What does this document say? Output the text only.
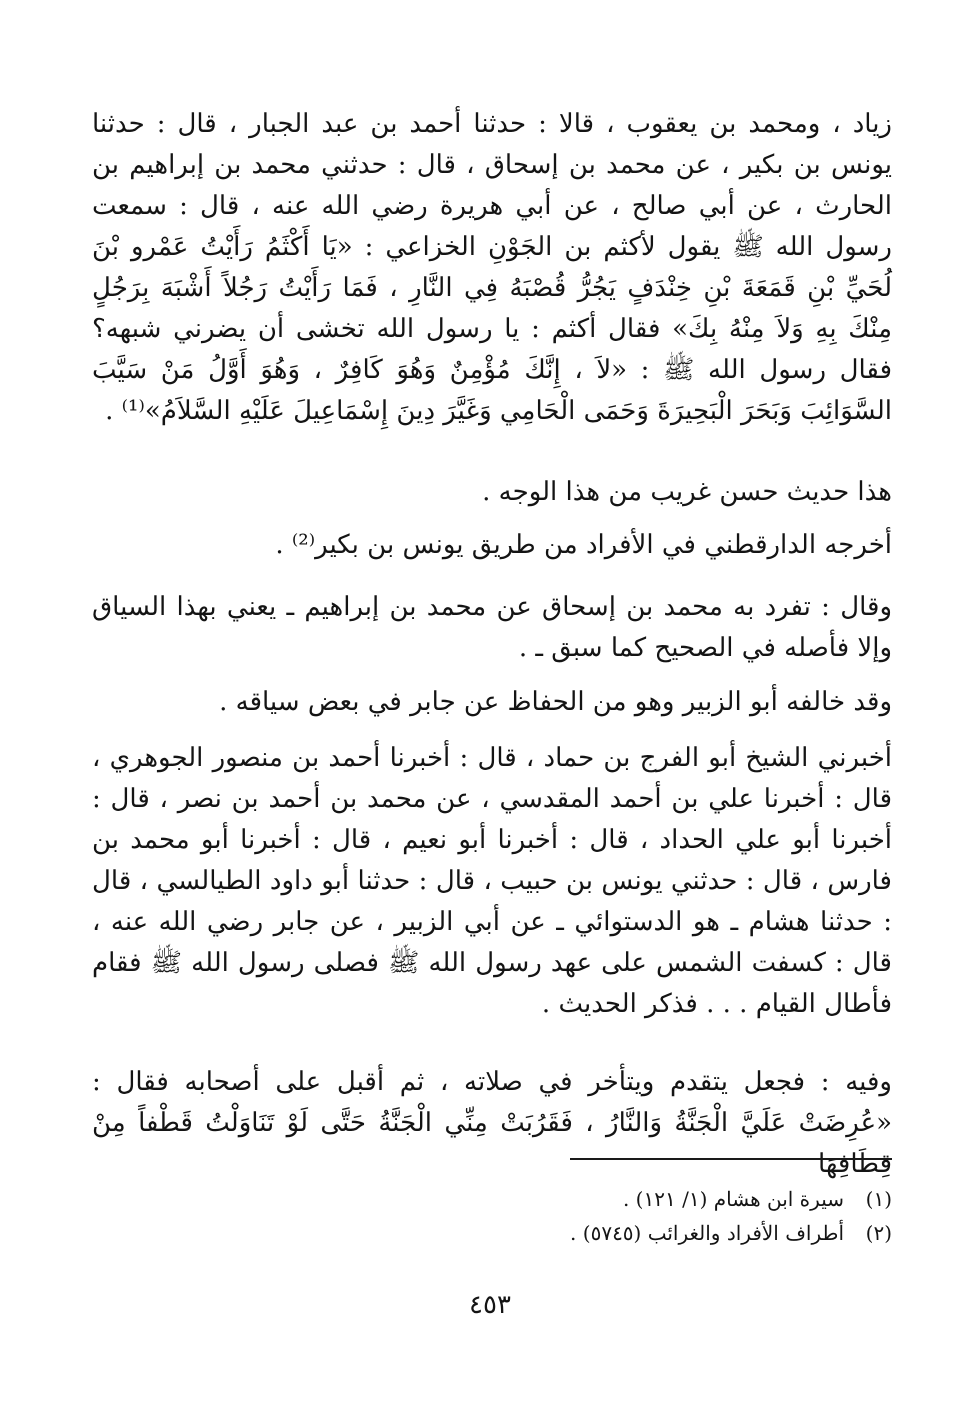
زياد ، ومحمد بن يعقوب ، قالا : حدثنا أحمد بن عبد الجبار ، قال : حدثنا يونس بن بكير ، عن محمد بن إسحاق ، قال : حدثني محمد بن إبراهيم بن الحارث ، عن أبي صالح ، عن أبي هريرة رضي الله عنه ، قال : سمعت رسول الله ﷺ يقول لأكثم بن الجَوْنِ الخزاعي : «يَا أَكْثَمُ رَأَيْتُ عَمْرو بْنَ لُحَيِّ بْنِ قَمَعَةَ بْنِ خِنْدَفٍ يَجُرُّ قُصْبَهُ فِي النَّارِ ، فَمَا رَأَيْتُ رَجُلاً أَشْبَهَ بِرَجُلٍ مِنْكَ بِهِ وَلاَ مِنْهُ بِكَ» فقال أكثم : يا رسول الله تخشى أن يضرني شبهه؟ فقال رسول الله ﷺ : «لاَ ، إِنَّكَ مُؤْمِنٌ وَهُوَ كَافِرٌ ، وَهُوَ أَوَّلُ مَنْ سَيَّبَ السَّوَائِبَ وَبَحَرَ الْبَحِيرَةَ وَحَمَى الْحَامِي وَغَيَّرَ دِينَ إِسْمَاعِيلَ عَلَيْهِ السَّلاَمُ»⁽¹⁾ .

هذا حديث حسن غريب من هذا الوجه .

أخرجه الدارقطني في الأفراد من طريق يونس بن بكير⁽²⁾ .

وقال : تفرد به محمد بن إسحاق عن محمد بن إبراهيم ـ يعني بهذا السياق وإلا فأصله في الصحيح كما سبق ـ .

وقد خالفه أبو الزبير وهو من الحفاظ عن جابر في بعض سياقه .

أخبرني الشيخ أبو الفرج بن حماد ، قال : أخبرنا أحمد بن منصور الجوهري ، قال : أخبرنا علي بن أحمد المقدسي ، عن محمد بن أحمد بن نصر ، قال : أخبرنا أبو علي الحداد ، قال : أخبرنا أبو نعيم ، قال : أخبرنا أبو محمد بن فارس ، قال : حدثني يونس بن حبيب ، قال : حدثنا أبو داود الطيالسي ، قال : حدثنا هشام ـ هو الدستوائي ـ عن أبي الزبير ، عن جابر رضي الله عنه ، قال : كسفت الشمس على عهد رسول الله ﷺ فصلى رسول الله ﷺ فقام فأطال القيام . . . فذكر الحديث .

وفيه : فجعل يتقدم ويتأخر في صلاته ، ثم أقبل على أصحابه فقال : «عُرِضَتْ عَلَيَّ الْجَنَّةُ وَالنَّارُ ، فَقَرُبَتْ مِنِّي الْجَنَّةُ حَتَّى لَوْ تَنَاوَلْتُ قَطْفاً مِنْ قِطَافِهَا

(١)
سيرة ابن هشام (١/ ١٢١) .
(٢)
أطراف الأفراد والغرائب (٥٧٤٥) .
٤٥٣
